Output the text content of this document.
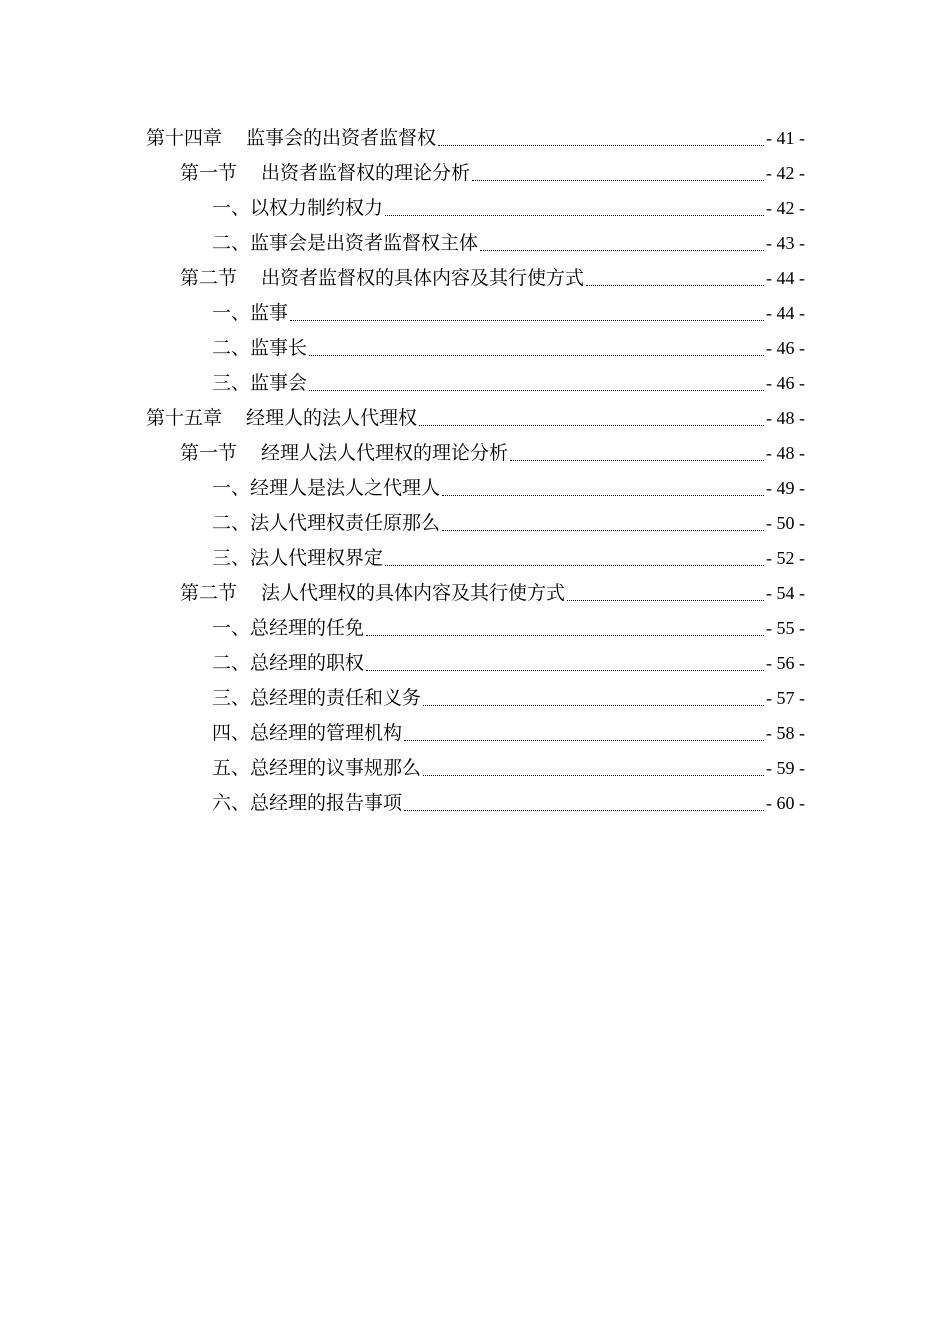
第十四章 监事会的出资者监督权	- 41 -
第一节 出资者监督权的理论分析	- 42 -
一、以权力制约权力	- 42 -
二、监事会是出资者监督权主体	- 43 -
第二节 出资者监督权的具体内容及其行使方式	- 44 -
一、监事	- 44 -
二、监事长	- 46 -
三、监事会	- 46 -
第十五章 经理人的法人代理权	- 48 -
第一节 经理人法人代理权的理论分析	- 48 -
一、经理人是法人之代理人	- 49 -
二、法人代理权责任原那么	- 50 -
三、法人代理权界定	- 52 -
第二节 法人代理权的具体内容及其行使方式	- 54 -
一、总经理的任免	- 55 -
二、总经理的职权	- 56 -
三、总经理的责任和义务	- 57 -
四、总经理的管理机构	- 58 -
五、总经理的议事规那么	- 59 -
六、总经理的报告事项	- 60 -
